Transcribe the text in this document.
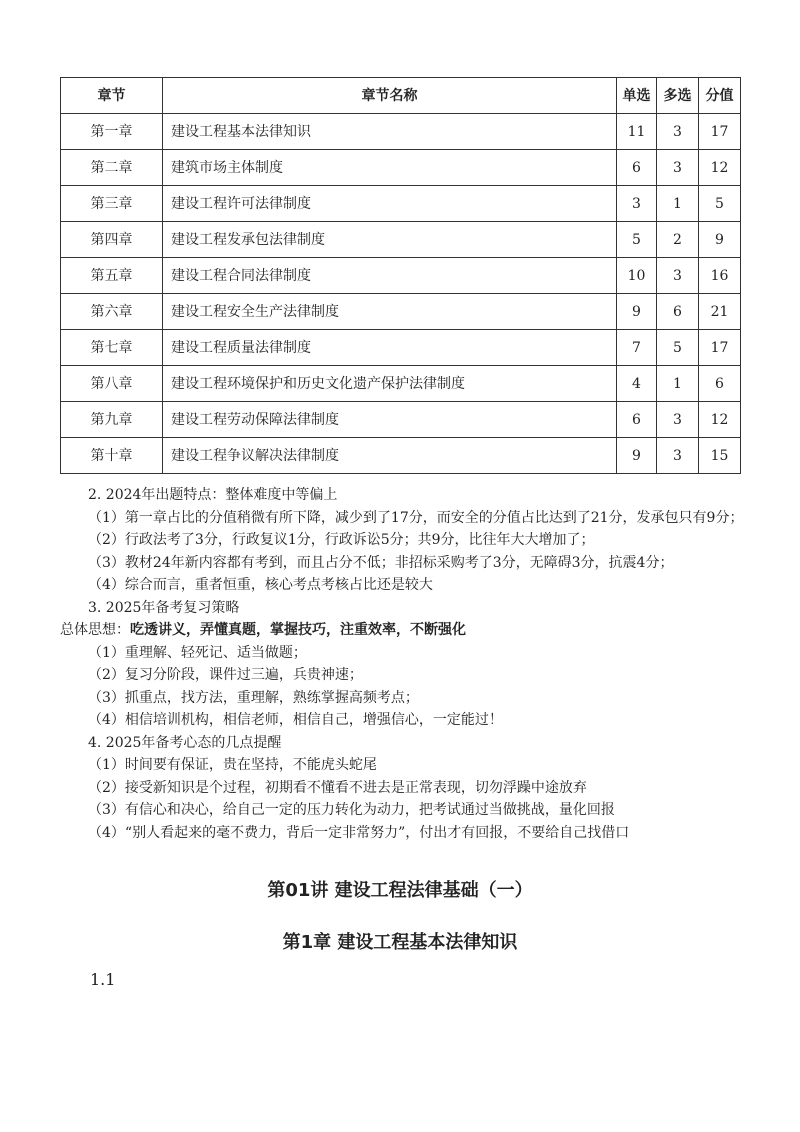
章节	章节名称	单选	多选	分值
第一章	建设工程基本法律知识	11	3	17
第二章	建筑市场主体制度	6	3	12
第三章	建设工程许可法律制度	3	1	5
第四章	建设工程发承包法律制度	5	2	9
第五章	建设工程合同法律制度	10	3	16
第六章	建设工程安全生产法律制度	9	6	21
第七章	建设工程质量法律制度	7	5	17
第八章	建设工程环境保护和历史文化遗产保护法律制度	4	1	6
第九章	建设工程劳动保障法律制度	6	3	12
第十章	建设工程争议解决法律制度	9	3	15

2. 2024年出题特点：整体难度中等偏上

（1）第一章占比的分值稍微有所下降，减少到了17分，而安全的分值占比达到了21分，发承包只有9分；

（2）行政法考了3分，行政复议1分，行政诉讼5分；共9分，比往年大大增加了；

（3）教材24年新内容都有考到，而且占分不低；非招标采购考了3分，无障碍3分，抗震4分；

（4）综合而言，重者恒重，核心考点考核占比还是较大

3. 2025年备考复习策略

总体思想：吃透讲义，弄懂真题，掌握技巧，注重效率，不断强化

（1）重理解、轻死记、适当做题；

（2）复习分阶段，课件过三遍，兵贵神速；

（3）抓重点，找方法，重理解，熟练掌握高频考点；

（4）相信培训机构，相信老师，相信自己，增强信心，一定能过！

4. 2025年备考心态的几点提醒

（1）时间要有保证，贵在坚持，不能虎头蛇尾

（2）接受新知识是个过程，初期看不懂看不进去是正常表现，切勿浮躁中途放弃

（3）有信心和决心，给自己一定的压力转化为动力，把考试通过当做挑战，量化回报

（4）“别人看起来的毫不费力，背后一定非常努力”，付出才有回报，不要给自己找借口

第01讲 建设工程法律基础（一）
第1章 建设工程基本法律知识
1.1
